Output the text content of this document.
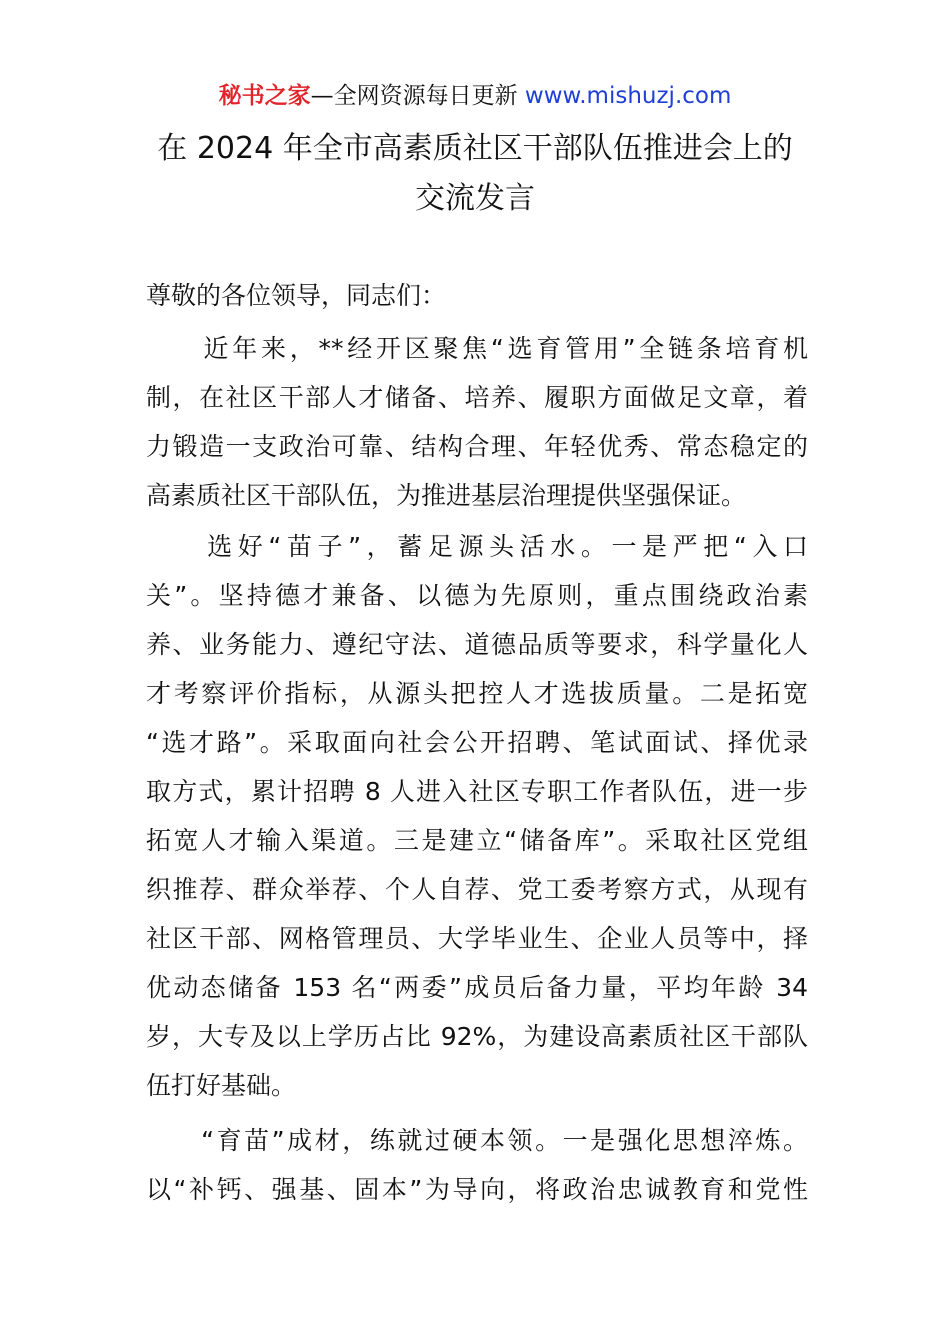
秘书之家—全网资源每日更新 www.mishuzj.com
在 2024 年全市高素质社区干部队伍推进会上的
交流发言
尊敬的各位领导，同志们：
　　近年来，**经开区聚焦“选育管用”全链条培育机
制，在社区干部人才储备、培养、履职方面做足文章，着
力锻造一支政治可靠、结构合理、年轻优秀、常态稳定的
高素质社区干部队伍，为推进基层治理提供坚强保证。
　　选好“苗子”，蓄足源头活水。一是严把“入口
关”。坚持德才兼备、以德为先原则，重点围绕政治素
养、业务能力、遵纪守法、道德品质等要求，科学量化人
才考察评价指标，从源头把控人才选拔质量。二是拓宽
“选才路”。采取面向社会公开招聘、笔试面试、择优录
取方式，累计招聘 8 人进入社区专职工作者队伍，进一步
拓宽人才输入渠道。三是建立“储备库”。采取社区党组
织推荐、群众举荐、个人自荐、党工委考察方式，从现有
社区干部、网格管理员、大学毕业生、企业人员等中，择
优动态储备 153 名“两委”成员后备力量，平均年龄 34
岁，大专及以上学历占比 92%，为建设高素质社区干部队
伍打好基础。
　　“育苗”成材，练就过硬本领。一是强化思想淬炼。
以“补钙、强基、固本”为导向，将政治忠诚教育和党性
